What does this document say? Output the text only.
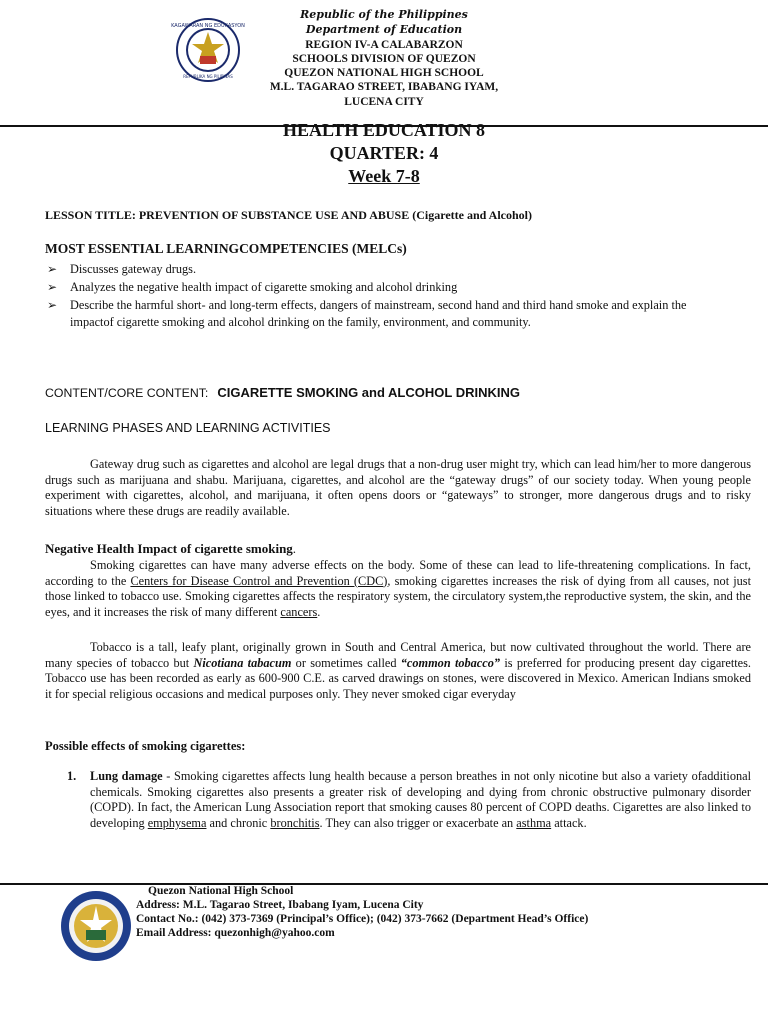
KAGAWARAN NG EDUKASYON
REPUBLIKA NG PILIPINAS
Republic of the Philippines
Department of Education
REGION IV-A CALABARZON
SCHOOLS DIVISION OF QUEZON
QUEZON NATIONAL HIGH SCHOOL
M.L. TAGARAO STREET, IBABANG IYAM,
LUCENA CITY
HEALTH EDUCATION 8
QUARTER: 4
Week 7-8
LESSON TITLE: PREVENTION OF SUBSTANCE USE AND ABUSE (Cigarette and Alcohol)
MOST ESSENTIAL LEARNINGCOMPETENCIES (MELCs)
➢ Discusses gateway drugs.
➢ Analyzes the negative health impact of cigarette smoking and alcohol drinking
➢ Describe the harmful short- and long-term effects, dangers of mainstream, second hand and third hand smoke and explain the impactof cigarette smoking and alcohol drinking on the family, environment, and community.
CONTENT/CORE CONTENT: CIGARETTE SMOKING and ALCOHOL DRINKING
LEARNING PHASES AND LEARNING ACTIVITIES
Gateway drug such as cigarettes and alcohol are legal drugs that a non-drug user might try, which can lead him/her to more dangerous drugs such as marijuana and shabu. Marijuana, cigarettes, and alcohol are the “gateway drugs” of our society today. When young people experiment with cigarettes, alcohol, and marijuana, it often opens doors or “gateways” to stronger, more dangerous drugs and to risky situations where these drugs are readily available.
Negative Health Impact of cigarette smoking.
Smoking cigarettes can have many adverse effects on the body. Some of these can lead to life-threatening complications. In fact, according to the Centers for Disease Control and Prevention (CDC), smoking cigarettes increases the risk of dying from all causes, not just those linked to tobacco use. Smoking cigarettes affects the respiratory system, the circulatory system,the reproductive system, the skin, and the eyes, and it increases the risk of many different cancers.
Tobacco is a tall, leafy plant, originally grown in South and Central America, but now cultivated throughout the world. There are many species of tobacco but Nicotiana tabacum or sometimes called “common tobacco” is preferred for producing present day cigarettes. Tobacco use has been recorded as early as 600-900 C.E. as carved drawings on stones, were discovered in Mexico. American Indians smoked it for special religious occasions and medical purposes only. They never smoked cigar everyday
Possible effects of smoking cigarettes:
1. Lung damage - Smoking cigarettes affects lung health because a person breathes in not only nicotine but also a variety ofadditional chemicals. Smoking cigarettes also presents a greater risk of developing and dying from chronic obstructive pulmonary disorder (COPD). In fact, the American Lung Association report that smoking causes 80 percent of COPD deaths. Cigarettes are also linked to developing emphysema and chronic bronchitis. They can also trigger or exacerbate an asthma attack.
Quezon National High School
Address: M.L. Tagarao Street, Ibabang Iyam, Lucena City
Contact No.: (042) 373-7369 (Principal’s Office); (042) 373-7662 (Department Head’s Office)
Email Address: quezonhigh@yahoo.com
